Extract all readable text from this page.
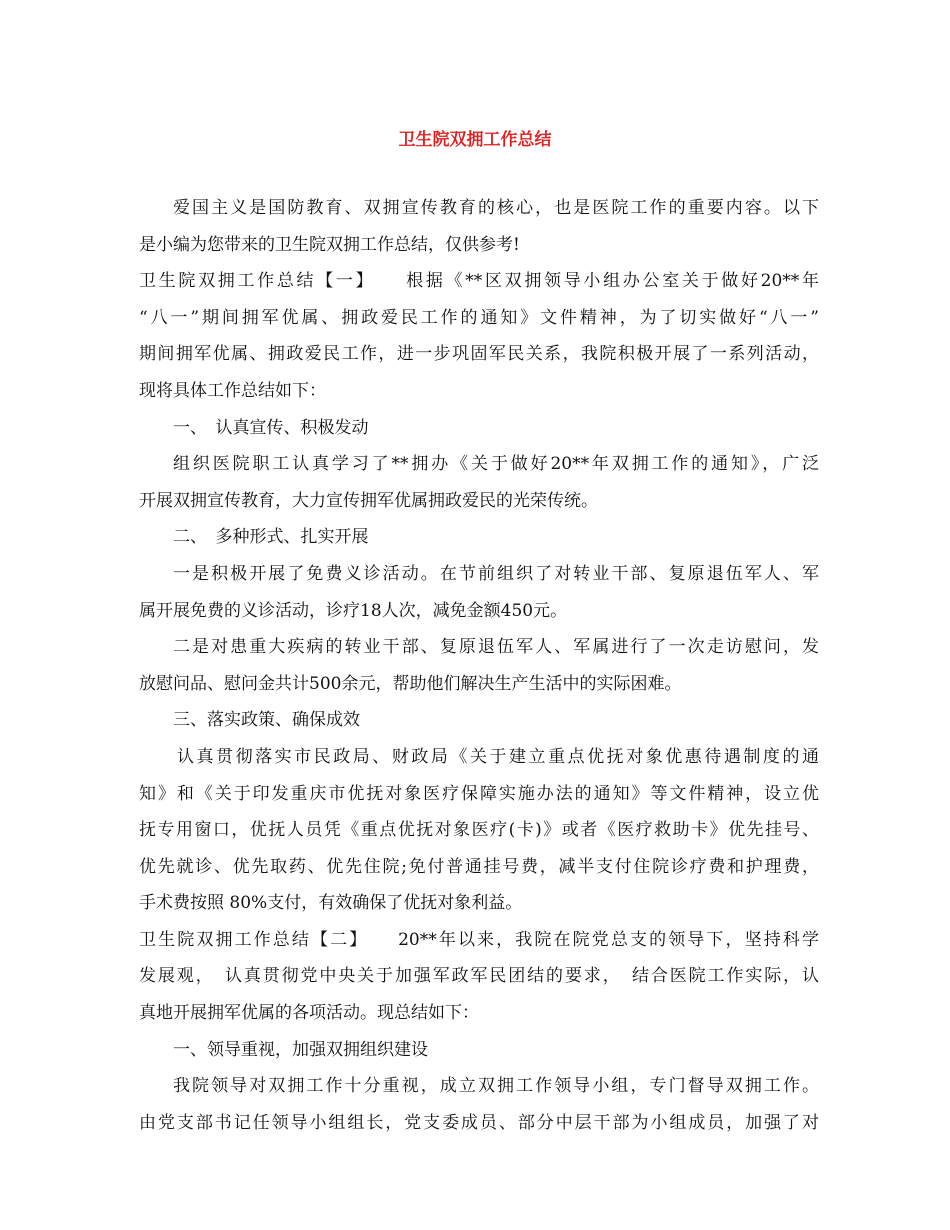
卫生院双拥工作总结
爱国主义是国防教育、双拥宣传教育的核心，也是医院工作的重要内容。以下
是小编为您带来的卫生院双拥工作总结，仅供参考!
卫生院双拥工作总结【一】　　根据《**区双拥领导小组办公室关于做好20**年
“八一”期间拥军优属、拥政爱民工作的通知》文件精神，为了切实做好“八一”
期间拥军优属、拥政爱民工作，进一步巩固军民关系，我院积极开展了一系列活动，
现将具体工作总结如下：
一、　认真宣传、积极发动
组织医院职工认真学习了**拥办《关于做好20**年双拥工作的通知》，广泛
开展双拥宣传教育，大力宣传拥军优属拥政爱民的光荣传统。
二、　多种形式、扎实开展
一是积极开展了免费义诊活动。在节前组织了对转业干部、复原退伍军人、军
属开展免费的义诊活动，诊疗18人次，减免金额450元。
二是对患重大疾病的转业干部、复原退伍军人、军属进行了一次走访慰问，发
放慰问品、慰问金共计500余元，帮助他们解决生产生活中的实际困难。
三、落实政策、确保成效
认真贯彻落实市民政局、财政局《关于建立重点优抚对象优惠待遇制度的通
知》和《关于印发重庆市优抚对象医疗保障实施办法的通知》等文件精神，设立优
抚专用窗口，优抚人员凭《重点优抚对象医疗(卡)》或者《医疗救助卡》优先挂号、
优先就诊、优先取药、优先住院;免付普通挂号费，减半支付住院诊疗费和护理费，
手术费按照 80%支付，有效确保了优抚对象利益。
卫生院双拥工作总结【二】　　20**年以来，我院在院党总支的领导下，坚持科学
发展观，　认真贯彻党中央关于加强军政军民团结的要求，　结合医院工作实际，认
真地开展拥军优属的各项活动。现总结如下：
一、领导重视，加强双拥组织建设
我院领导对双拥工作十分重视，成立双拥工作领导小组，专门督导双拥工作。
由党支部书记任领导小组组长，党支委成员、部分中层干部为小组成员，加强了对
